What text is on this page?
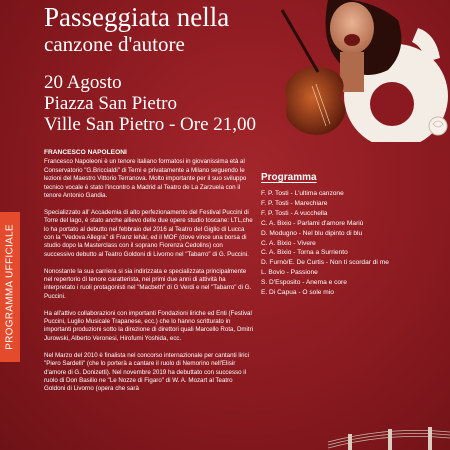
Passeggiata nella
canzone d'autore
20 Agosto
Piazza San Pietro
Ville San Pietro - Ore 21,00
PROGRAMMA UFFICIALE
FRANCESCO NAPOLEONI

Francesco Napoleoni è un tenore italiano formatosi in giovanissima età al Conservatorio "G.Briccialdi" di Terni e privatamente a Milano seguendo le lezioni del Maestro Vittorio Terranova. Molto importante per il suo sviluppo tecnico vocale è stato l'incontro a Madrid al Teatro de La Zarzuela con il tenore Antonio Gandia.

Specializzato all' Accademia di alto perfezionamento del Festival Puccini di Torre del lago, è stato anche allievo delle due opere studio toscane: LTL,che lo ha portato al debutto nel febbraio del 2016 al Teatro del Giglio di Lucca con la "Vedova Allegra" di Franz lehàr, ed il MOF (dove vince una borsa di studio dopo la Masterclass con il soprano Fiorenza Cedolins) con successivo debutto al Teatro Goldoni di Livorno nel "Tabarro" di G. Puccini.

Nonostante la sua carriera si sia indirizzata e specializzata principalmente nel repertorio di tenore caratterista, nei primi due anni di attività ha interpretato i ruoli protagonisti nel "Macbeth" di G Verdi e nel "Tabarro" di G. Puccini.

Ha all'attivo collaborazioni con importanti Fondazioni liriche ed Enti (Festival Puccini, Luglio Musicale Trapanese, ecc.) che lo hanno scritturato in importanti produzioni sotto la direzione di direttori quali Marcello Rota, Dmitri Jurowski, Alberto Veronesi, Hirofumi Yoshida, ecc.

Nel Marzo del 2010 è finalista nel concorso internazionale per cantanti lirici "Piero Sardelli" (che lo porterà a cantare il ruolo di Nemorino nell'Elisir d'amore di G. Donizetti). Nel novembre 2019 ha debuttato con successo il ruolo di Don Basilio ne "Le Nozze di Figaro" di W. A. Mozart al Teatro Goldoni di Livorno (opera che sarà

Programma
F. P. Tosti - L'ultima canzone
F. P. Tosti - Marechiare
F. P. Tosti - A vucchella
C. A. Bixio - Parlami d'amore Mariù
D. Modugno - Nel blu dipinto di blu
C. A. Bixio - Vivere
C. A. Bixio - Torna a Surriento
D. Furnò/E. De Curtis - Non ti scordar di me
L. Bovio - Passione
S. D'Esposito - Anema e core
E. Di Capua - O sole mio
